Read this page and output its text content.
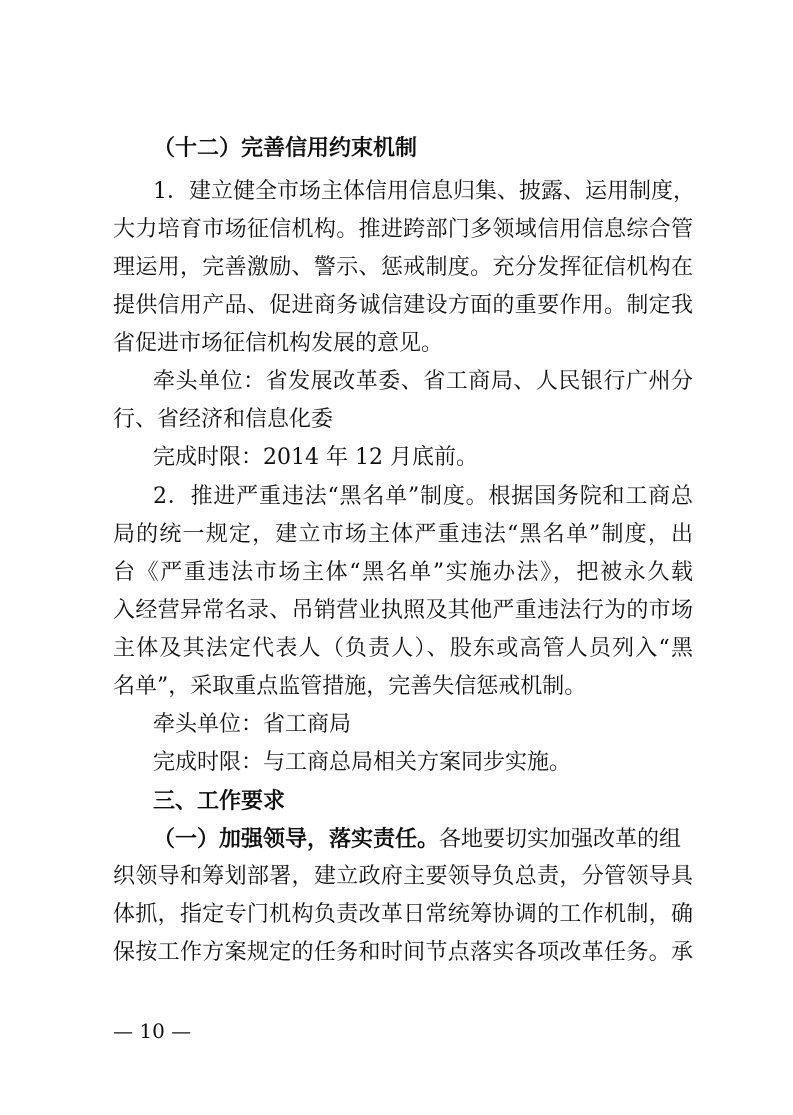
（十二）完善信用约束机制
1．建立健全市场主体信用信息归集、披露、运用制度，
大力培育市场征信机构。推进跨部门多领域信用信息综合管
理运用，完善激励、警示、惩戒制度。充分发挥征信机构在
提供信用产品、促进商务诚信建设方面的重要作用。制定我
省促进市场征信机构发展的意见。
牵头单位：省发展改革委、省工商局、人民银行广州分
行、省经济和信息化委
完成时限：2014 年 12 月底前。
2．推进严重违法“黑名单”制度。根据国务院和工商总
局的统一规定，建立市场主体严重违法“黑名单”制度，出
台《严重违法市场主体“黑名单”实施办法》，把被永久载
入经营异常名录、吊销营业执照及其他严重违法行为的市场
主体及其法定代表人（负责人）、股东或高管人员列入“黑
名单”，采取重点监管措施，完善失信惩戒机制。
牵头单位：省工商局
完成时限：与工商总局相关方案同步实施。
三、工作要求
（一）加强领导，落实责任。各地要切实加强改革的组
织领导和筹划部署，建立政府主要领导负总责，分管领导具
体抓，指定专门机构负责改革日常统筹协调的工作机制，确
保按工作方案规定的任务和时间节点落实各项改革任务。承
— 10 —
